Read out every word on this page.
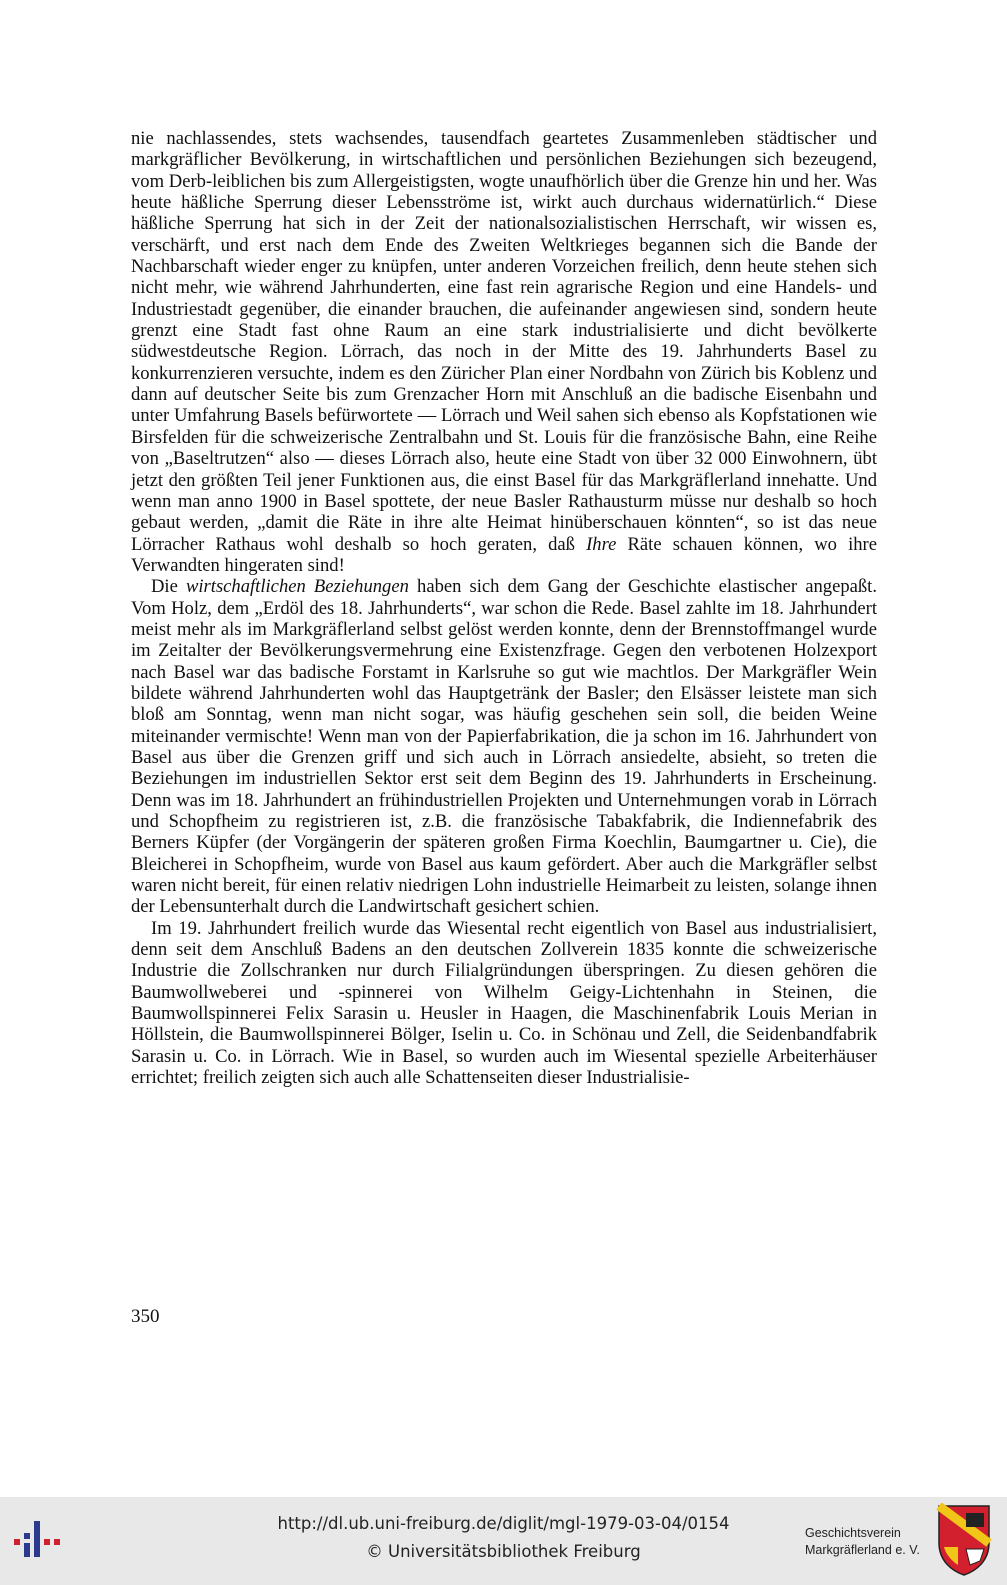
nie nachlassendes, stets wachsendes, tausendfach geartetes Zusammenleben städtischer und markgräflicher Bevölkerung, in wirtschaftlichen und persönlichen Beziehungen sich bezeugend, vom Derb-leiblichen bis zum Allergeistigsten, wogte unaufhörlich über die Grenze hin und her. Was heute häßliche Sperrung dieser Lebensströme ist, wirkt auch durchaus widernatürlich.“ Diese häßliche Sperrung hat sich in der Zeit der nationalsozialistischen Herrschaft, wir wissen es, verschärft, und erst nach dem Ende des Zweiten Weltkrieges begannen sich die Bande der Nachbarschaft wieder enger zu knüpfen, unter anderen Vorzeichen freilich, denn heute stehen sich nicht mehr, wie während Jahrhunderten, eine fast rein agrarische Region und eine Handels- und Industriestadt gegenüber, die einander brauchen, die aufeinander angewiesen sind, sondern heute grenzt eine Stadt fast ohne Raum an eine stark industrialisierte und dicht bevölkerte südwestdeutsche Region. Lörrach, das noch in der Mitte des 19. Jahrhunderts Basel zu konkurrenzieren versuchte, indem es den Züricher Plan einer Nordbahn von Zürich bis Koblenz und dann auf deutscher Seite bis zum Grenzacher Horn mit Anschluß an die badische Eisenbahn und unter Umfahrung Basels befürwortete — Lörrach und Weil sahen sich ebenso als Kopfstationen wie Birsfelden für die schweizerische Zentralbahn und St. Louis für die französische Bahn, eine Reihe von „Baseltrutzen“ also — dieses Lörrach also, heute eine Stadt von über 32 000 Einwohnern, übt jetzt den größten Teil jener Funktionen aus, die einst Basel für das Markgräflerland innehatte. Und wenn man anno 1900 in Basel spottete, der neue Basler Rathausturm müsse nur deshalb so hoch gebaut werden, „damit die Räte in ihre alte Heimat hinüberschauen könnten“, so ist das neue Lörracher Rathaus wohl deshalb so hoch geraten, daß Ihre Räte schauen können, wo ihre Verwandten hingeraten sind!

Die wirtschaftlichen Beziehungen haben sich dem Gang der Geschichte elastischer angepaßt. Vom Holz, dem „Erdöl des 18. Jahrhunderts“, war schon die Rede. Basel zahlte im 18. Jahrhundert meist mehr als im Markgräflerland selbst gelöst werden konnte, denn der Brennstoffmangel wurde im Zeitalter der Bevölkerungsvermehrung eine Existenzfrage. Gegen den verbotenen Holzexport nach Basel war das badische Forstamt in Karlsruhe so gut wie machtlos. Der Markgräfler Wein bildete während Jahrhunderten wohl das Hauptgetränk der Basler; den Elsässer leistete man sich bloß am Sonntag, wenn man nicht sogar, was häufig geschehen sein soll, die beiden Weine miteinander vermischte! Wenn man von der Papierfabrikation, die ja schon im 16. Jahrhundert von Basel aus über die Grenzen griff und sich auch in Lörrach ansiedelte, absieht, so treten die Beziehungen im industriellen Sektor erst seit dem Beginn des 19. Jahrhunderts in Erscheinung. Denn was im 18. Jahrhundert an frühindustriellen Projekten und Unternehmungen vorab in Lörrach und Schopfheim zu registrieren ist, z.B. die französische Tabakfabrik, die Indiennefabrik des Berners Küpfer (der Vorgängerin der späteren großen Firma Koechlin, Baumgartner u. Cie), die Bleicherei in Schopfheim, wurde von Basel aus kaum gefördert. Aber auch die Markgräfler selbst waren nicht bereit, für einen relativ niedrigen Lohn industrielle Heimarbeit zu leisten, solange ihnen der Lebensunterhalt durch die Landwirtschaft gesichert schien.

Im 19. Jahrhundert freilich wurde das Wiesental recht eigentlich von Basel aus industrialisiert, denn seit dem Anschluß Badens an den deutschen Zollverein 1835 konnte die schweizerische Industrie die Zollschranken nur durch Filialgründungen überspringen. Zu diesen gehören die Baumwollweberei und -spinnerei von Wilhelm Geigy-Lichtenhahn in Steinen, die Baumwollspinnerei Felix Sarasin u. Heusler in Haagen, die Maschinenfabrik Louis Merian in Höllstein, die Baumwollspinnerei Bölger, Iselin u. Co. in Schönau und Zell, die Seidenbandfabrik Sarasin u. Co. in Lörrach. Wie in Basel, so wurden auch im Wiesental spezielle Arbeiterhäuser errichtet; freilich zeigten sich auch alle Schattenseiten dieser Industrialisie-

350
http://dl.ub.uni-freiburg.de/diglit/mgl-1979-03-04/0154
© Universitätsbibliothek Freiburg
Geschichtsverein
Markgräflerland e. V.
